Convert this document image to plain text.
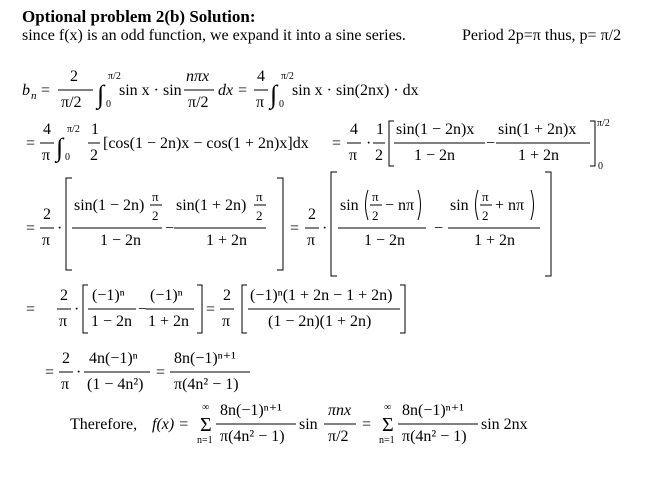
Optional problem 2(b) Solution:
since f(x) is an odd function, we expand it into a sine series.	Period 2p=π thus, p= π/2
b n =
2
π/2 ∫
π/2
0
sin x · sin
nπx
π/2
dx =
4
π ∫
π/2
0
sin x · sin(2nx) · dx
=
4
π ∫
π/2
0
1
2
[cos(1 − 2n)x − cos(1 + 2n)x]dx =
4
π
·
1
2
sin(1 − 2n)x
1 − 2n
−
sin(1 + 2n)x
1 + 2n
π/2
0
=
2
π
·
sin(1 − 2n)
π
2
1 − 2n
−
sin(1 + 2n)
π
2
1 + 2n
=
2
π
·
sin
π
2
− nπ
1 − 2n
−
sin
π
2
+ nπ
1 + 2n
=
2
π
·
(−1)ⁿ
1 − 2n
−
(−1)ⁿ
1 + 2n
=
2
π
(−1)ⁿ(1 + 2n − 1 + 2n)
(1 − 2n)(1 + 2n)
=
2
π
·
4n(−1)ⁿ
(1 − 4n²)
=
8n(−1)ⁿ⁺¹
π(4n² − 1)
Therefore, f(x) =
∞
Σ
n=1
8n(−1)ⁿ⁺¹
π(4n² − 1)
sin
πnx
π/2
=
∞
Σ
n=1
8n(−1)ⁿ⁺¹
π(4n² − 1)
sin 2nx
